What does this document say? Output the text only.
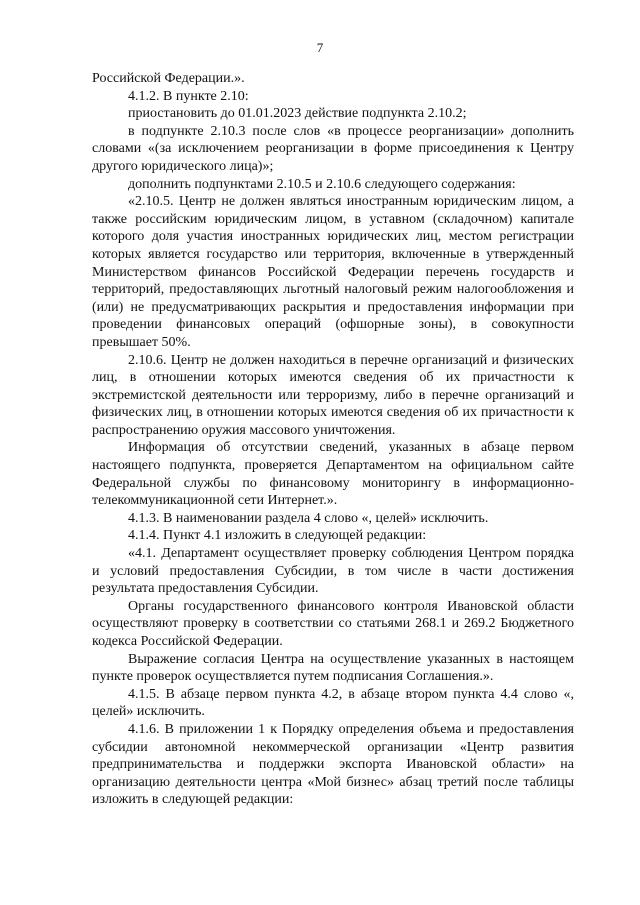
7

Российской Федерации.».

4.1.2. В пункте 2.10:

приостановить до 01.01.2023 действие подпункта 2.10.2;

в подпункте 2.10.3 после слов «в процессе реорганизации» дополнить словами «(за исключением реорганизации в форме присоединения к Центру другого юридического лица)»;

дополнить подпунктами 2.10.5 и 2.10.6 следующего содержания:

«2.10.5. Центр не должен являться иностранным юридическим лицом, а также российским юридическим лицом, в уставном (складочном) капитале которого доля участия иностранных юридических лиц, местом регистрации которых является государство или территория, включенные в утвержденный Министерством финансов Российской Федерации перечень государств и территорий, предоставляющих льготный налоговый режим налогообложения и (или) не предусматривающих раскрытия и предоставления информации при проведении финансовых операций (офшорные зоны), в совокупности превышает 50%.

2.10.6. Центр не должен находиться в перечне организаций и физических лиц, в отношении которых имеются сведения об их причастности к экстремистской деятельности или терроризму, либо в перечне организаций и физических лиц, в отношении которых имеются сведения об их причастности к распространению оружия массового уничтожения.

Информация об отсутствии сведений, указанных в абзаце первом настоящего подпункта, проверяется Департаментом на официальном сайте Федеральной службы по финансовому мониторингу в информационно-телекоммуникационной сети Интернет.».

4.1.3. В наименовании раздела 4 слово «, целей» исключить.

4.1.4. Пункт 4.1 изложить в следующей редакции:

«4.1. Департамент осуществляет проверку соблюдения Центром порядка и условий предоставления Субсидии, в том числе в части достижения результата предоставления Субсидии.

Органы государственного финансового контроля Ивановской области осуществляют проверку в соответствии со статьями 268.1 и 269.2 Бюджетного кодекса Российской Федерации.

Выражение согласия Центра на осуществление указанных в настоящем пункте проверок осуществляется путем подписания Соглашения.».

4.1.5. В абзаце первом пункта 4.2, в абзаце втором пункта 4.4 слово «, целей» исключить.

4.1.6. В приложении 1 к Порядку определения объема и предоставления субсидии автономной некоммерческой организации «Центр развития предпринимательства и поддержки экспорта Ивановской области» на организацию деятельности центра «Мой бизнес» абзац третий после таблицы изложить в следующей редакции:
